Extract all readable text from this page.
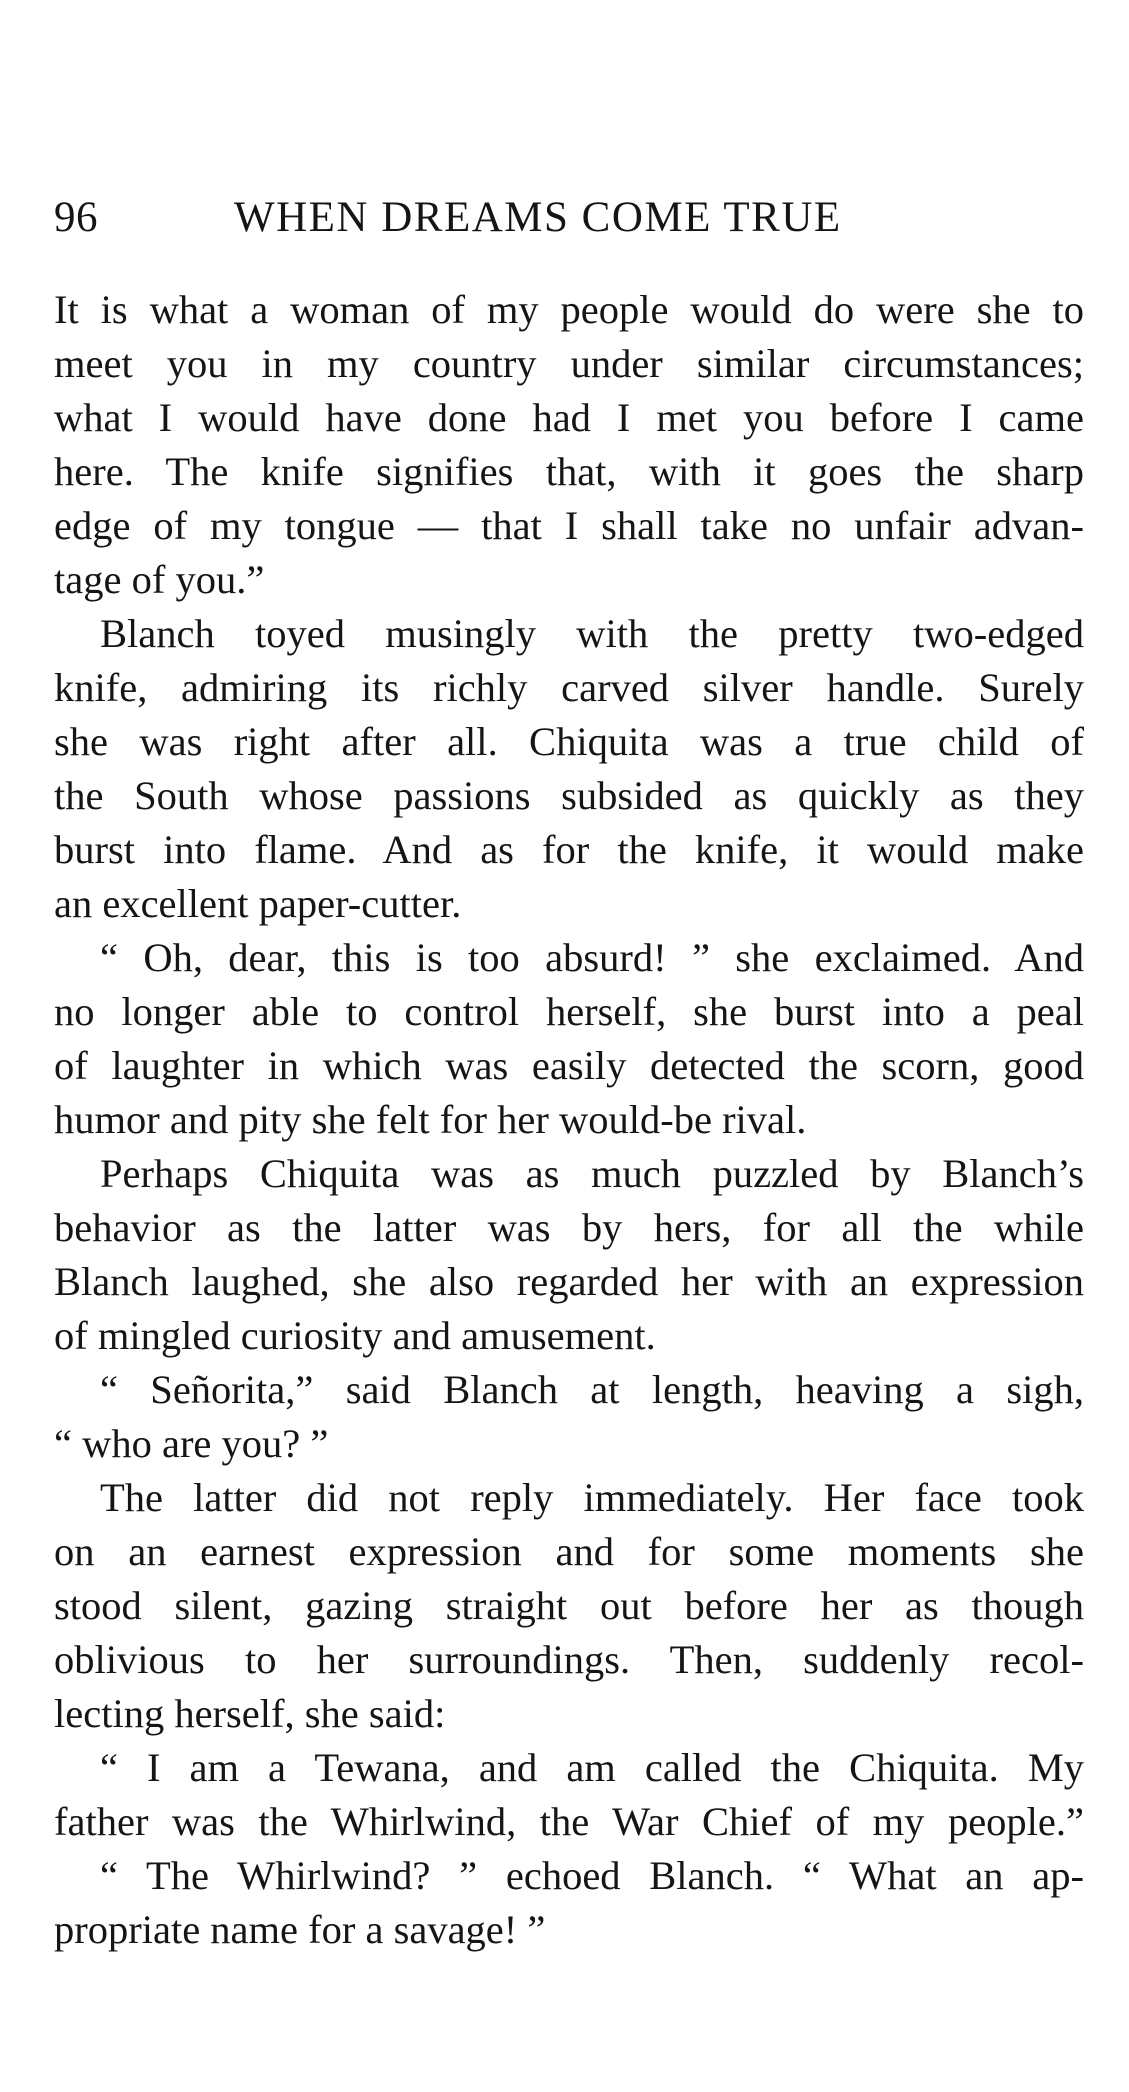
96	WHEN DREAMS COME TRUE
It is what a woman of my people would do were she to
meet you in my country under similar circumstances;
what I would have done had I met you before I came
here. The knife signifies that, with it goes the sharp
edge of my tongue — that I shall take no unfair advan-
tage of you.”
Blanch toyed musingly with the pretty two-edged
knife, admiring its richly carved silver handle. Surely
she was right after all. Chiquita was a true child of
the South whose passions subsided as quickly as they
burst into flame. And as for the knife, it would make
an excellent paper-cutter.
“ Oh, dear, this is too absurd! ” she exclaimed. And
no longer able to control herself, she burst into a peal
of laughter in which was easily detected the scorn, good
humor and pity she felt for her would-be rival.
Perhaps Chiquita was as much puzzled by Blanch’s
behavior as the latter was by hers, for all the while
Blanch laughed, she also regarded her with an expression
of mingled curiosity and amusement.
“ Señorita,” said Blanch at length, heaving a sigh,
“ who are you? ”
The latter did not reply immediately. Her face took
on an earnest expression and for some moments she
stood silent, gazing straight out before her as though
oblivious to her surroundings. Then, suddenly recol-
lecting herself, she said:
“ I am a Tewana, and am called the Chiquita. My
father was the Whirlwind, the War Chief of my people.”
“ The Whirlwind? ” echoed Blanch. “ What an ap-
propriate name for a savage! ”
